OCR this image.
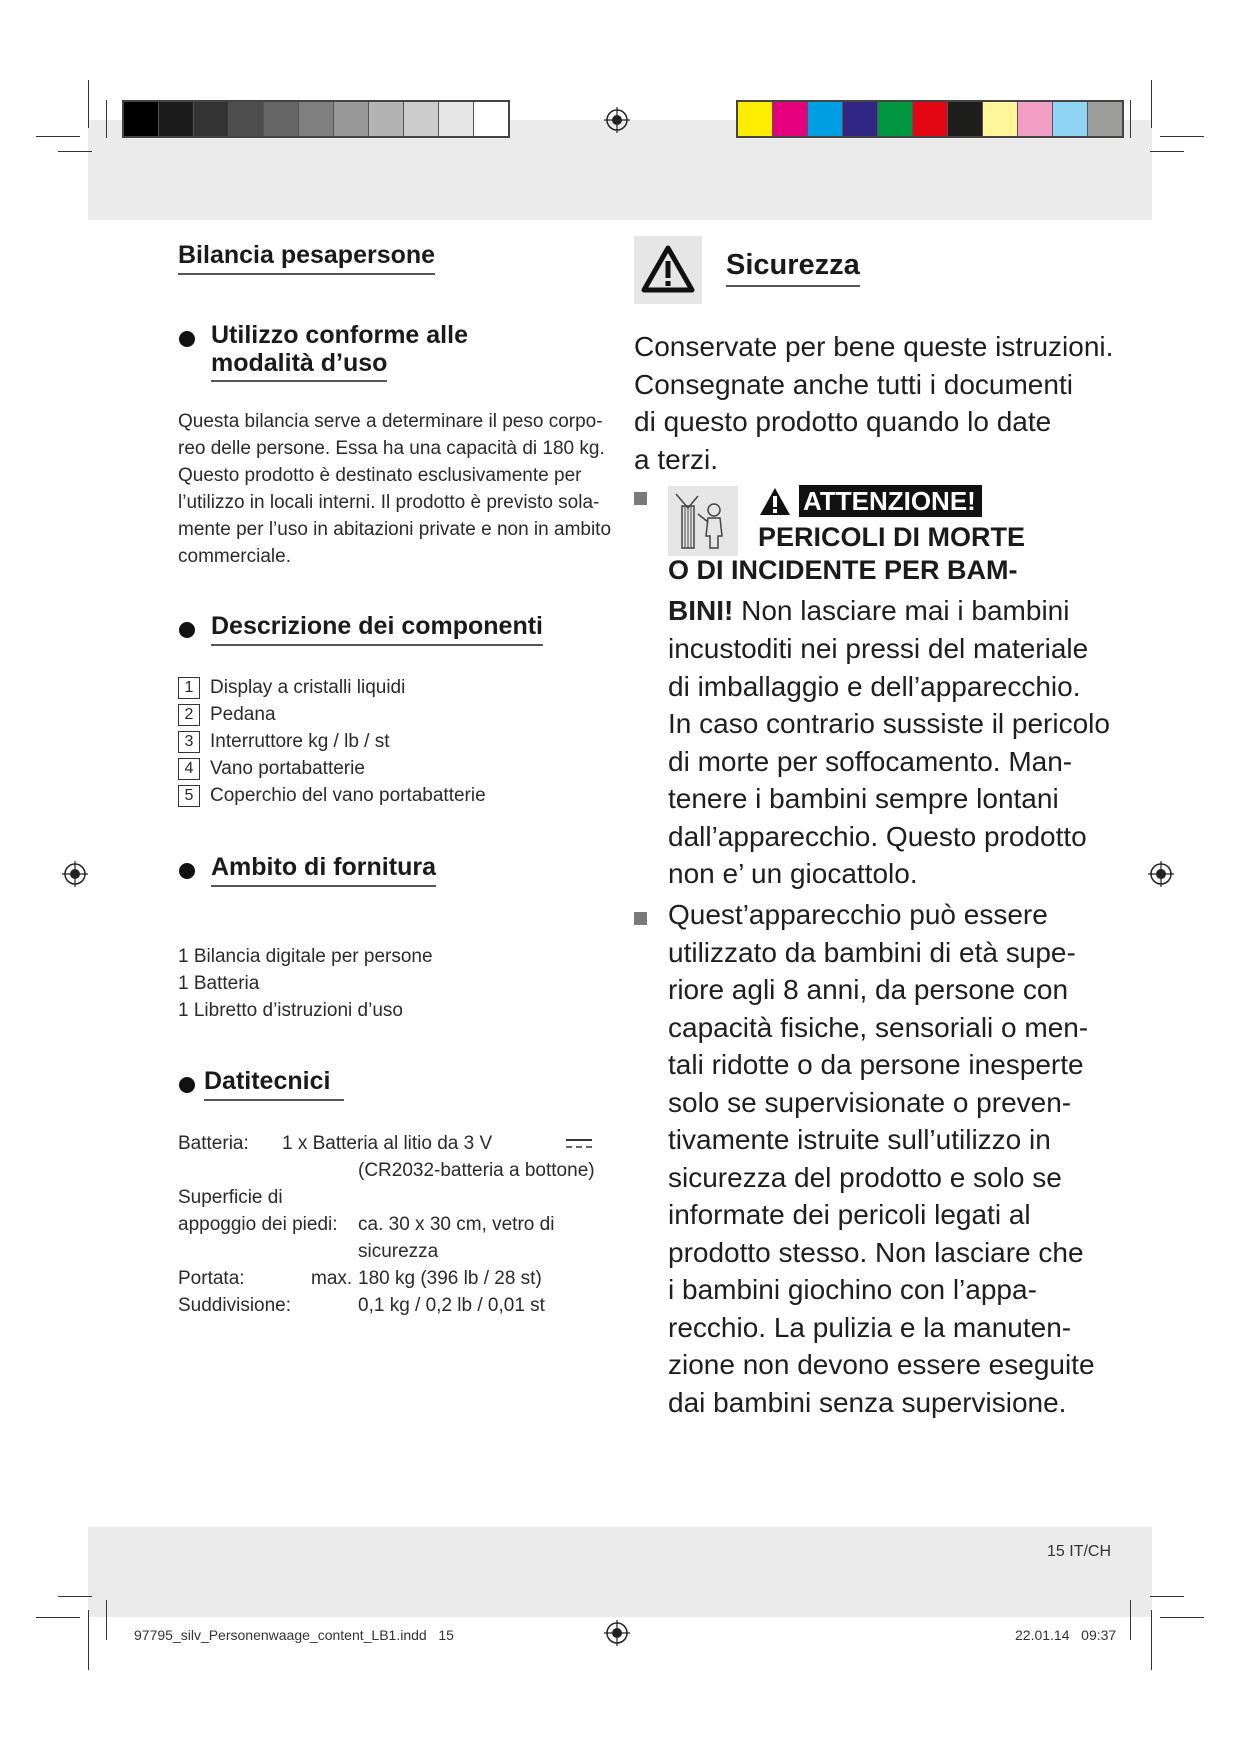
Bilancia pesapersone
Utilizzo conforme alle
modalità d’uso
Questa bilancia serve a determinare il peso corpo-
reo delle persone. Essa ha una capacità di 180 kg.
Questo prodotto è destinato esclusivamente per
l’utilizzo in locali interni. Il prodotto è previsto sola-
mente per l’uso in abitazioni private e non in ambito
commerciale.
Descrizione dei componenti
1 Display a cristalli liquidi
2 Pedana
3 Interruttore kg / lb / st
4 Vano portabatterie
5 Coperchio del vano portabatterie
Ambito di fornitura
1 Bilancia digitale per persone
1 Batteria
1 Libretto d’istruzioni d’uso
Datitecnici
Batteria: 1 x Batteria al litio da 3 V
(CR2032-batteria a bottone)
Superficie di
appoggio dei piedi: ca. 30 x 30 cm, vetro di
sicurezza
Portata:	max. 180 kg (396 lb / 28 st)
Suddivisione:	0,1 kg / 0,2 lb / 0,01 st
Sicurezza
Conservate per bene queste istruzioni.
Consegnate anche tutti i documenti
di questo prodotto quando lo date
a terzi.
ATTENZIONE!
PERICOLI DI MORTE
O DI INCIDENTE PER BAM-
BINI! Non lasciare mai i bambini
incustoditi nei pressi del materiale
di imballaggio e dell’apparecchio.
In caso contrario sussiste il pericolo
di morte per soffocamento. Man-
tenere i bambini sempre lontani
dall’apparecchio. Questo prodotto
non e’ un giocattolo.
Quest’apparecchio può essere
utilizzato da bambini di età supe-
riore agli 8 anni, da persone con
capacità fisiche, sensoriali o men-
tali ridotte o da persone inesperte
solo se supervisionate o preven-
tivamente istruite sull’utilizzo in
sicurezza del prodotto e solo se
informate dei pericoli legati al
prodotto stesso. Non lasciare che
i bambini giochino con l’appa-
recchio. La pulizia e la manuten-
zione non devono essere eseguite
dai bambini senza supervisione.
15 IT/CH
97795_silv_Personenwaage_content_LB1.indd   15	22.01.14   09:37
